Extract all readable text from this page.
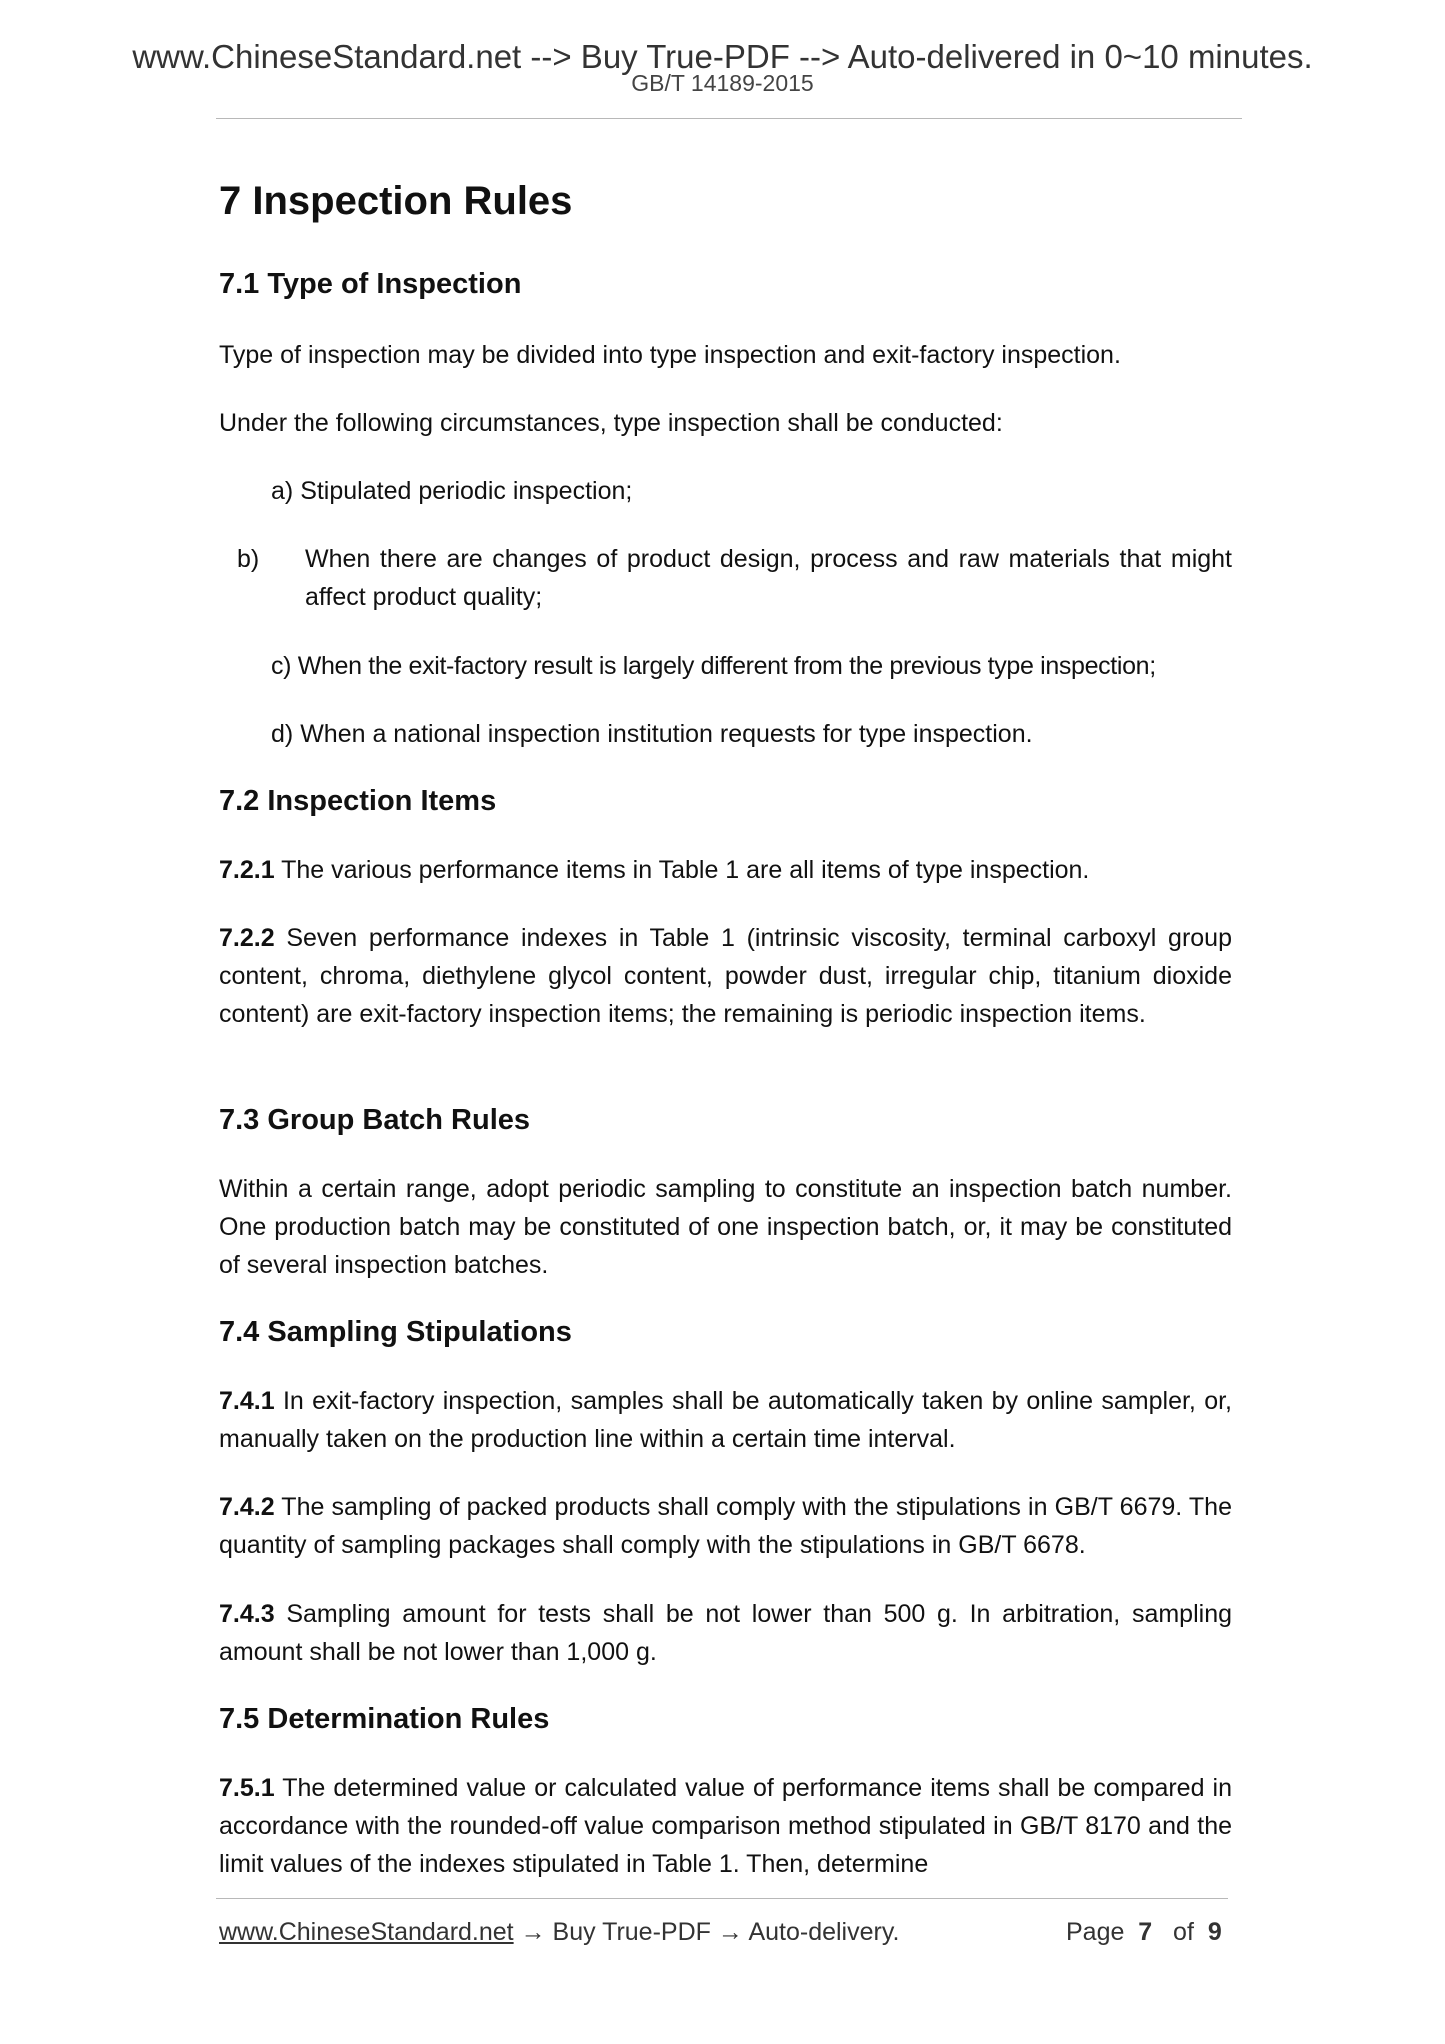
www.ChineseStandard.net --> Buy True-PDF --> Auto-delivered in 0~10 minutes.
GB/T 14189-2015
7 Inspection Rules
7.1 Type of Inspection
Type of inspection may be divided into type inspection and exit-factory inspection.
Under the following circumstances, type inspection shall be conducted:
a) Stipulated periodic inspection;
b) When there are changes of product design, process and raw materials that might affect product quality;
c) When the exit-factory result is largely different from the previous type inspection;
d) When a national inspection institution requests for type inspection.
7.2 Inspection Items
7.2.1 The various performance items in Table 1 are all items of type inspection.
7.2.2 Seven performance indexes in Table 1 (intrinsic viscosity, terminal carboxyl group content, chroma, diethylene glycol content, powder dust, irregular chip, titanium dioxide content) are exit-factory inspection items; the remaining is periodic inspection items.
7.3 Group Batch Rules
Within a certain range, adopt periodic sampling to constitute an inspection batch number. One production batch may be constituted of one inspection batch, or, it may be constituted of several inspection batches.
7.4 Sampling Stipulations
7.4.1 In exit-factory inspection, samples shall be automatically taken by online sampler, or, manually taken on the production line within a certain time interval.
7.4.2 The sampling of packed products shall comply with the stipulations in GB/T 6679. The quantity of sampling packages shall comply with the stipulations in GB/T 6678.
7.4.3 Sampling amount for tests shall be not lower than 500 g. In arbitration, sampling amount shall be not lower than 1,000 g.
7.5 Determination Rules
7.5.1 The determined value or calculated value of performance items shall be compared in accordance with the rounded-off value comparison method stipulated in GB/T 8170 and the limit values of the indexes stipulated in Table 1. Then, determine
www.ChineseStandard.net → Buy True-PDF → Auto-delivery.	Page 7 of 9
